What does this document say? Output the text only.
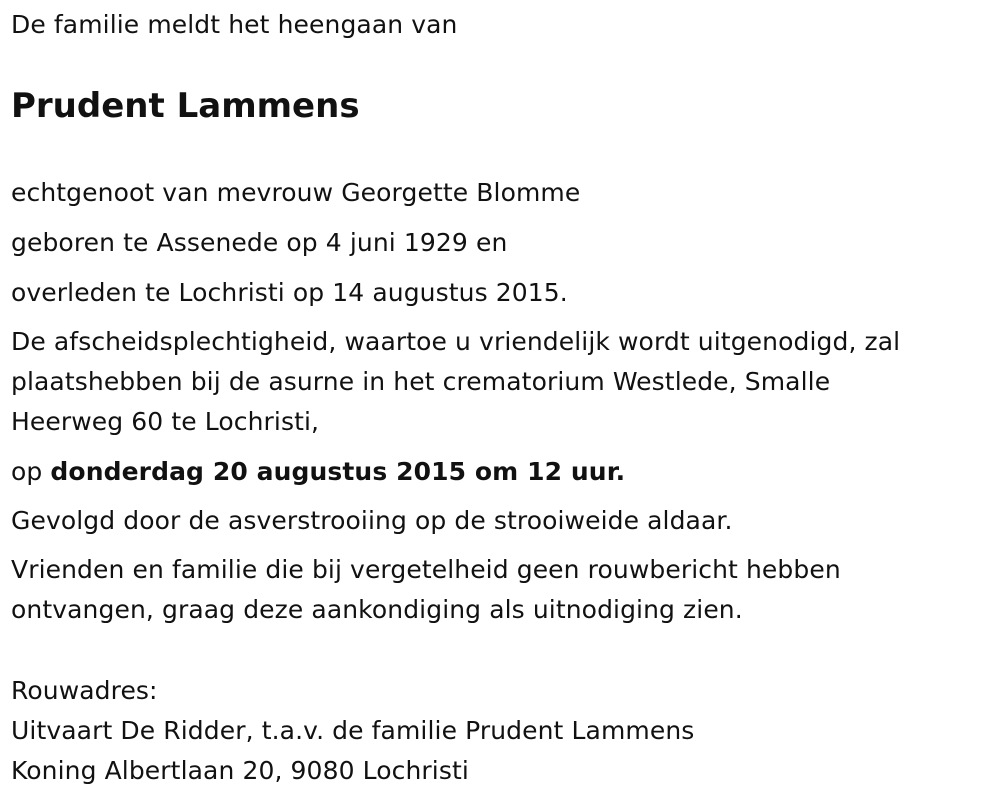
De familie meldt het heengaan van
Prudent Lammens
echtgenoot van mevrouw Georgette Blomme
geboren te Assenede op 4 juni 1929 en
overleden te Lochristi op 14 augustus 2015.
De afscheidsplechtigheid, waartoe u vriendelijk wordt uitgenodigd, zal
plaatshebben bij de asurne in het crematorium Westlede, Smalle
Heerweg 60 te Lochristi,
op donderdag 20 augustus 2015 om 12 uur.
Gevolgd door de asverstrooiing op de strooiweide aldaar.
Vrienden en familie die bij vergetelheid geen rouwbericht hebben
ontvangen, graag deze aankondiging als uitnodiging zien.
Rouwadres:
Uitvaart De Ridder, t.a.v. de familie Prudent Lammens
Koning Albertlaan 20, 9080 Lochristi
